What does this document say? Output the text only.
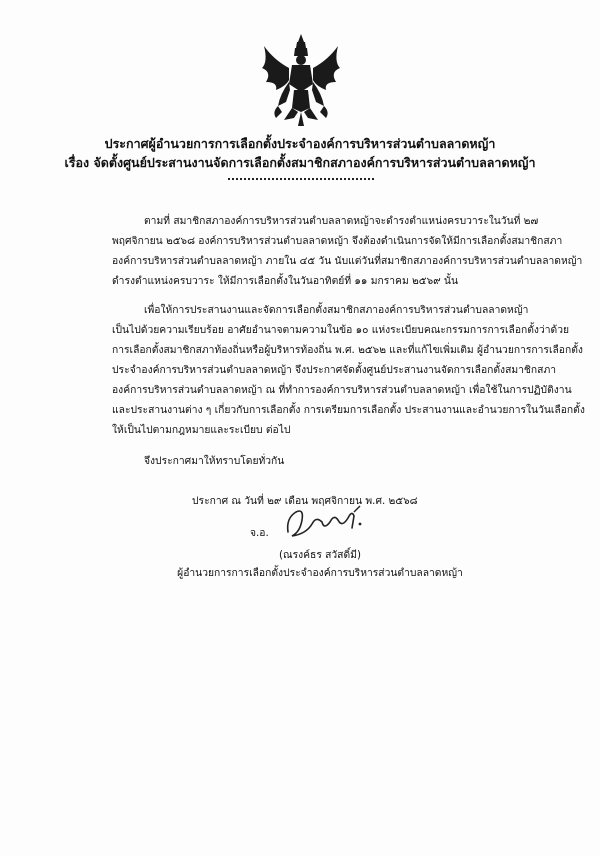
ประกาศผู้อำนวยการการเลือกตั้งประจำองค์การบริหารส่วนตำบลลาดหญ้า
เรื่อง จัดตั้งศูนย์ประสานงานจัดการเลือกตั้งสมาชิกสภาองค์การบริหารส่วนตำบลลาดหญ้า
ตามที่ สมาชิกสภาองค์การบริหารส่วนตำบลลาดหญ้าจะดำรงตำแหน่งครบวาระในวันที่ ๒๗
พฤศจิกายน ๒๕๖๘ องค์การบริหารส่วนตำบลลาดหญ้า จึงต้องดำเนินการจัดให้มีการเลือกตั้งสมาชิกสภา
องค์การบริหารส่วนตำบลลาดหญ้า ภายใน ๔๕ วัน นับแต่วันที่สมาชิกสภาองค์การบริหารส่วนตำบลลาดหญ้า
ดำรงตำแหน่งครบวาระ ให้มีการเลือกตั้งในวันอาทิตย์ที่ ๑๑ มกราคม ๒๕๖๙ นั้น
เพื่อให้การประสานงานและจัดการเลือกตั้งสมาชิกสภาองค์การบริหารส่วนตำบลลาดหญ้า
เป็นไปด้วยความเรียบร้อย อาศัยอำนาจตามความในข้อ ๑๐ แห่งระเบียบคณะกรรมการการเลือกตั้งว่าด้วย
การเลือกตั้งสมาชิกสภาท้องถิ่นหรือผู้บริหารท้องถิ่น พ.ศ. ๒๕๖๒ และที่แก้ไขเพิ่มเติม ผู้อำนวยการการเลือกตั้ง
ประจำองค์การบริหารส่วนตำบลลาดหญ้า จึงประกาศจัดตั้งศูนย์ประสานงานจัดการเลือกตั้งสมาชิกสภา
องค์การบริหารส่วนตำบลลาดหญ้า ณ ที่ทำการองค์การบริหารส่วนตำบลลาดหญ้า เพื่อใช้ในการปฏิบัติงาน
และประสานงานต่าง ๆ เกี่ยวกับการเลือกตั้ง การเตรียมการเลือกตั้ง ประสานงานและอำนวยการในวันเลือกตั้ง
ให้เป็นไปตามกฎหมายและระเบียบ ต่อไป
จึงประกาศมาให้ทราบโดยทั่วกัน
ประกาศ ณ วันที่ ๒๙ เดือน พฤศจิกายน พ.ศ. ๒๕๖๘
จ.อ.
(ณรงค์ธร สวัสดิ์มี)
ผู้อำนวยการการเลือกตั้งประจำองค์การบริหารส่วนตำบลลาดหญ้า
